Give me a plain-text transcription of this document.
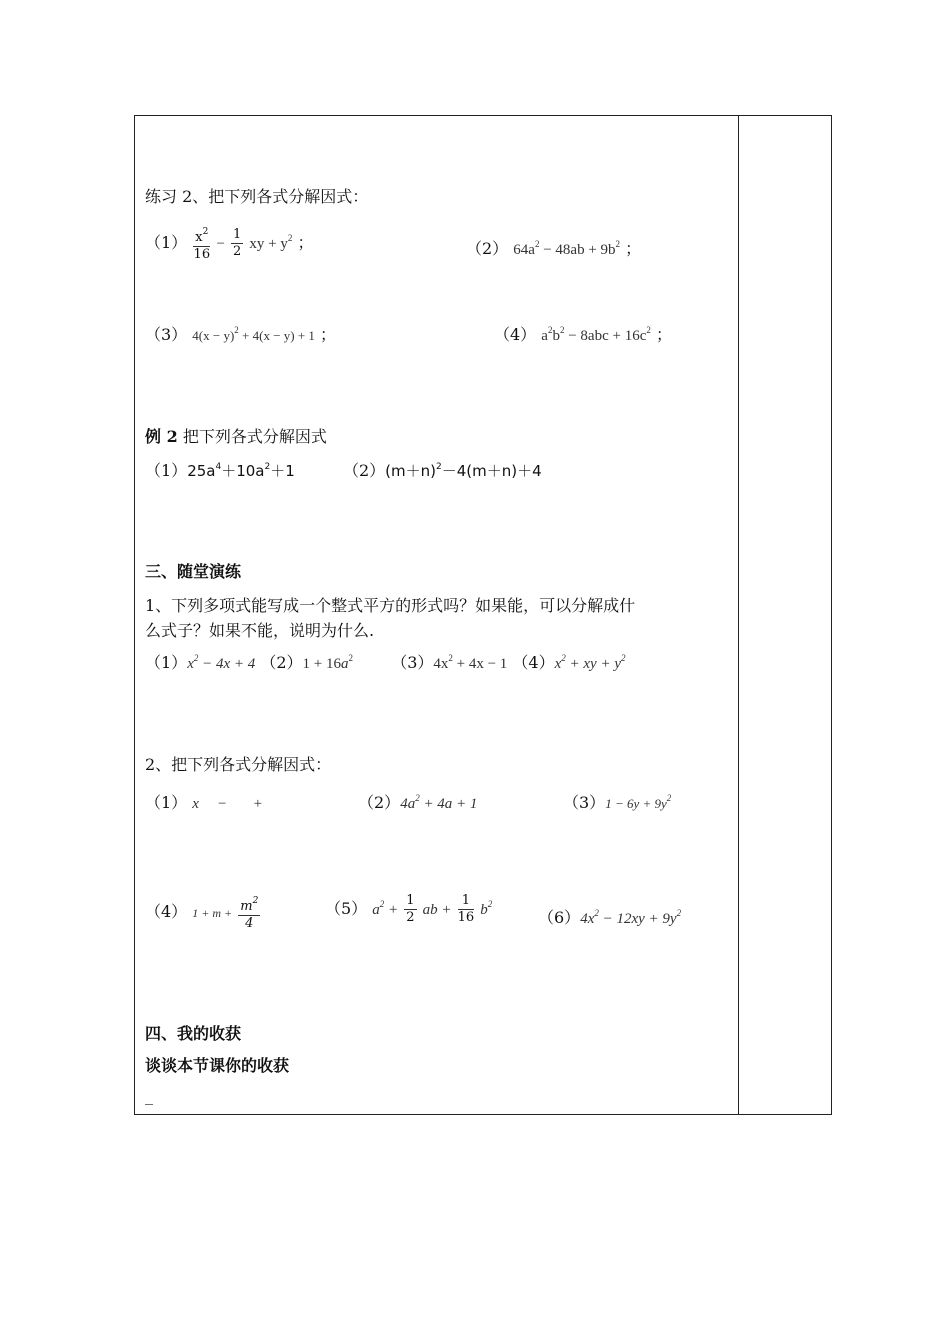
练习 2、把下列各式分解因式：
$(1) \frac{x^2}{16} - \frac{1}{2}$ xy + $y^2$ ；	（2） $64a^2 - 48ab + 9b^2$ ；
（3） $4(x - y)^2 + 4(x - y) + 1$ ；	（4） $a^2b^2 - 8abc + 16c^2$ ；
例 2 把下列各式分解因式
$(1)25a^4+10a^2+1$	$(2)(m+n)^2-4(m+n)+4$
三、随堂演练
1、下列多项式能写成一个整式平方的形式吗？如果能，可以分解成什
么式子？如果不能，说明为什么.
$(1)x^2 - 4x + 4$ $(2)1 + 16a^2$ $(3)4x^2 + 4x - 1$ $(4)x^2$ + xy + $y^2$
2、把下列各式分解因式：
（1） x − +	$(2)4a^2 + 4a + 1$	$(3)1 - 6y + 9y^2$
（4） $1 + m + \frac{m^2}{4}$	（5） $a^2 + \frac{1}{2}$ ab + $\frac{1}{16} b^2$
$(6)4x^2 - 12xy + 9y^2$
四、我的收获
谈谈本节课你的收获
_
